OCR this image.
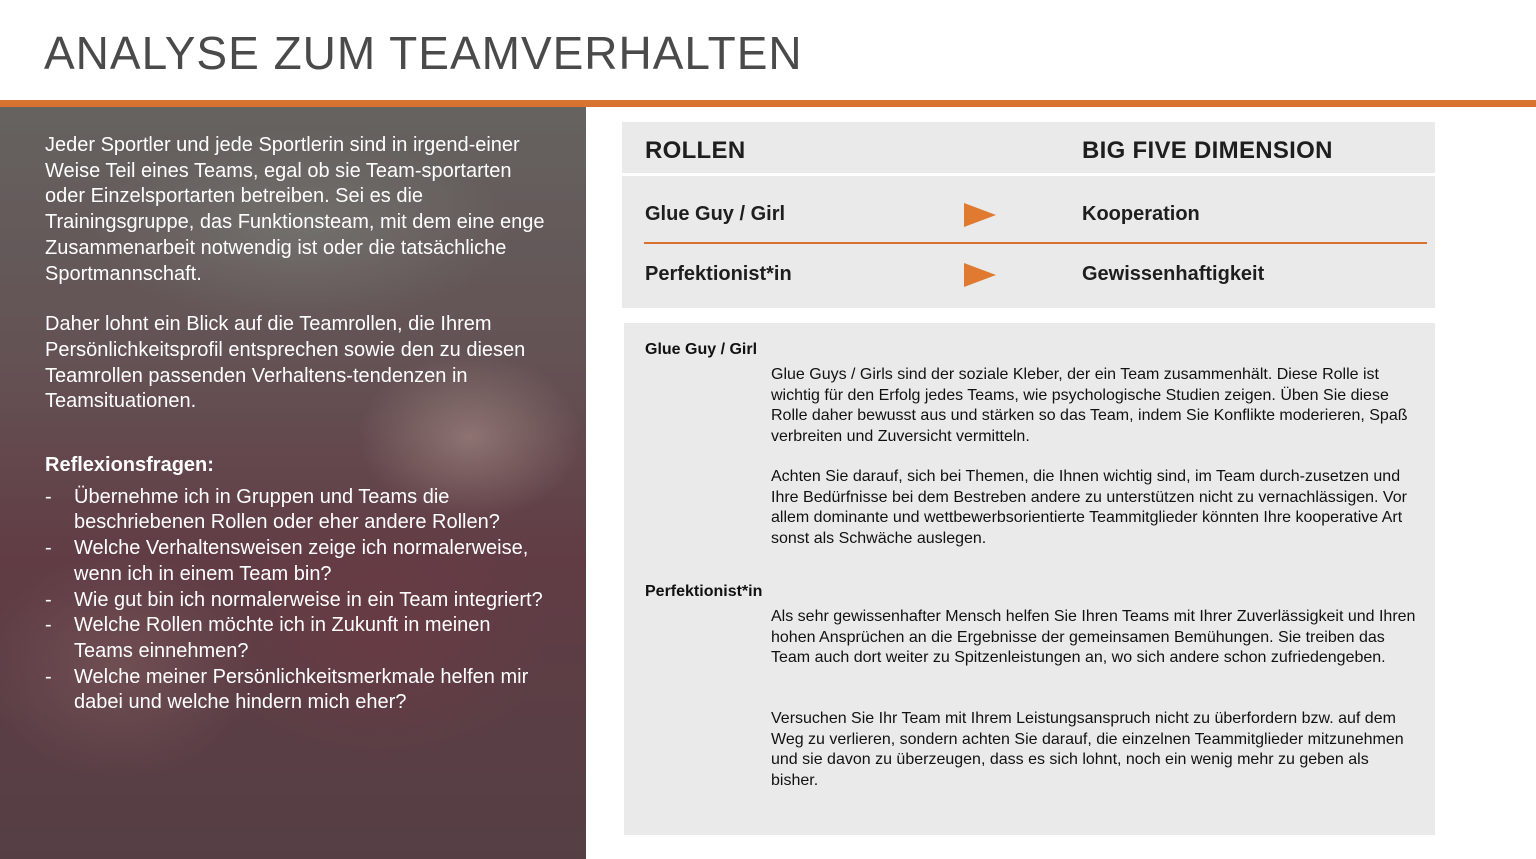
ANALYSE ZUM TEAMVERHALTEN

Jeder Sportler und jede Sportlerin sind in irgend-einer Weise Teil eines Teams, egal ob sie Team-sportarten oder Einzelsportarten betreiben. Sei es die Trainingsgruppe, das Funktionsteam, mit dem eine enge Zusammenarbeit notwendig ist oder die tatsächliche Sportmannschaft.

Daher lohnt ein Blick auf die Teamrollen, die Ihrem Persönlichkeitsprofil entsprechen sowie den zu diesen Teamrollen passenden Verhaltens-tendenzen in Teamsituationen.

Reflexionsfragen:
- Übernehme ich in Gruppen und Teams die beschriebenen Rollen oder eher andere Rollen?
- Welche Verhaltensweisen zeige ich normalerweise, wenn ich in einem Team bin?
- Wie gut bin ich normalerweise in ein Team integriert?
- Welche Rollen möchte ich in Zukunft in meinen Teams einnehmen?
- Welche meiner Persönlichkeitsmerkmale helfen mir dabei und welche hindern mich eher?
ROLLEN	BIG FIVE DIMENSION
Glue Guy / Girl	Kooperation
Perfektionist*in	Gewissenhaftigkeit
Glue Guy / Girl
Glue Guys / Girls sind der soziale Kleber, der ein Team zusammenhält. Diese Rolle ist wichtig für den Erfolg jedes Teams, wie psychologische Studien zeigen. Üben Sie diese Rolle daher bewusst aus und stärken so das Team, indem Sie Konflikte moderieren, Spaß verbreiten und Zuversicht vermitteln.
Achten Sie darauf, sich bei Themen, die Ihnen wichtig sind, im Team durch-zusetzen und Ihre Bedürfnisse bei dem Bestreben andere zu unterstützen nicht zu vernachlässigen. Vor allem dominante und wettbewerbsorientierte Teammitglieder könnten Ihre kooperative Art sonst als Schwäche auslegen.
Perfektionist*in
Als sehr gewissenhafter Mensch helfen Sie Ihren Teams mit Ihrer Zuverlässigkeit und Ihren hohen Ansprüchen an die Ergebnisse der gemeinsamen Bemühungen. Sie treiben das Team auch dort weiter zu Spitzenleistungen an, wo sich andere schon zufriedengeben.
Versuchen Sie Ihr Team mit Ihrem Leistungsanspruch nicht zu überfordern bzw. auf dem Weg zu verlieren, sondern achten Sie darauf, die einzelnen Teammitglieder mitzunehmen und sie davon zu überzeugen, dass es sich lohnt, noch ein wenig mehr zu geben als bisher.
